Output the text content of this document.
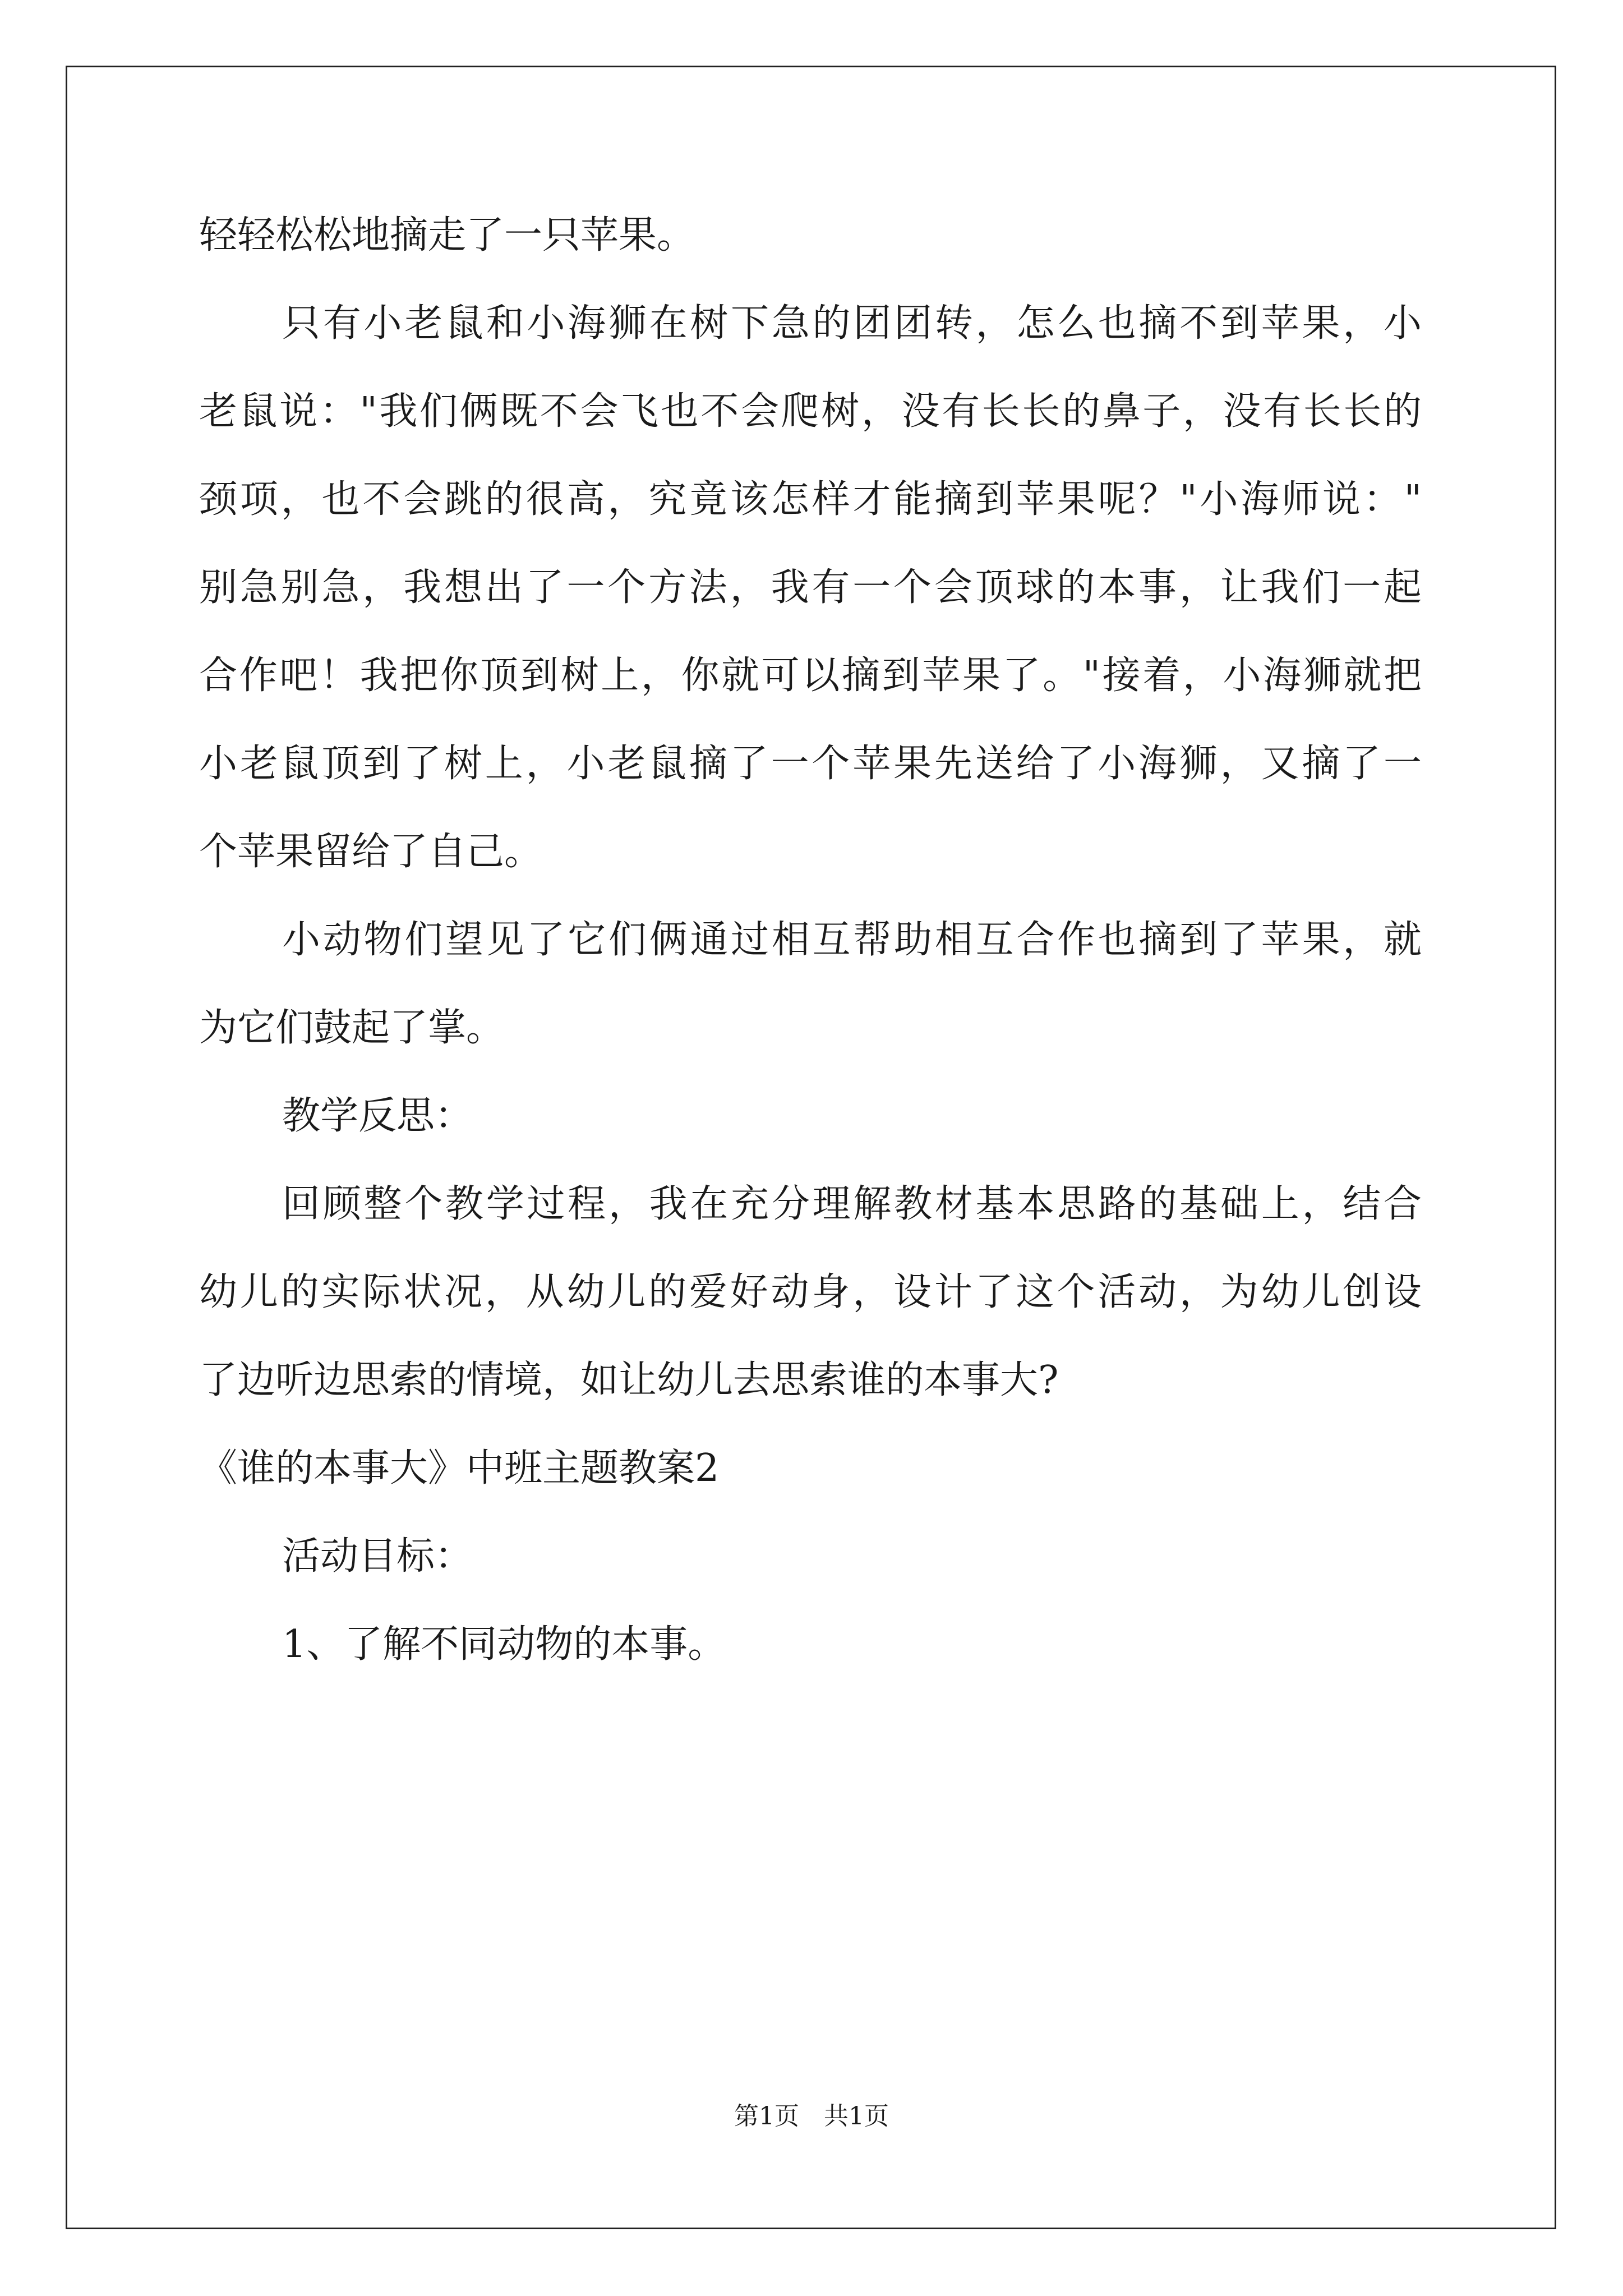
轻轻松松地摘走了一只苹果。
只有小老鼠和小海狮在树下急的团团转，怎么也摘不到苹果，小
老鼠说："我们俩既不会飞也不会爬树，没有长长的鼻子，没有长长的
颈项，也不会跳的很高，究竟该怎样才能摘到苹果呢？"小海师说："
别急别急，我想出了一个方法，我有一个会顶球的本事，让我们一起
合作吧！我把你顶到树上，你就可以摘到苹果了。"接着，小海狮就把
小老鼠顶到了树上，小老鼠摘了一个苹果先送给了小海狮，又摘了一
个苹果留给了自己。
小动物们望见了它们俩通过相互帮助相互合作也摘到了苹果，就
为它们鼓起了掌。
教学反思：
回顾整个教学过程，我在充分理解教材基本思路的基础上，结合
幼儿的实际状况，从幼儿的爱好动身，设计了这个活动，为幼儿创设
了边听边思索的情境，如让幼儿去思索谁的本事大?
《谁的本事大》中班主题教案2
活动目标：
1、了解不同动物的本事。
第1页　共1页
